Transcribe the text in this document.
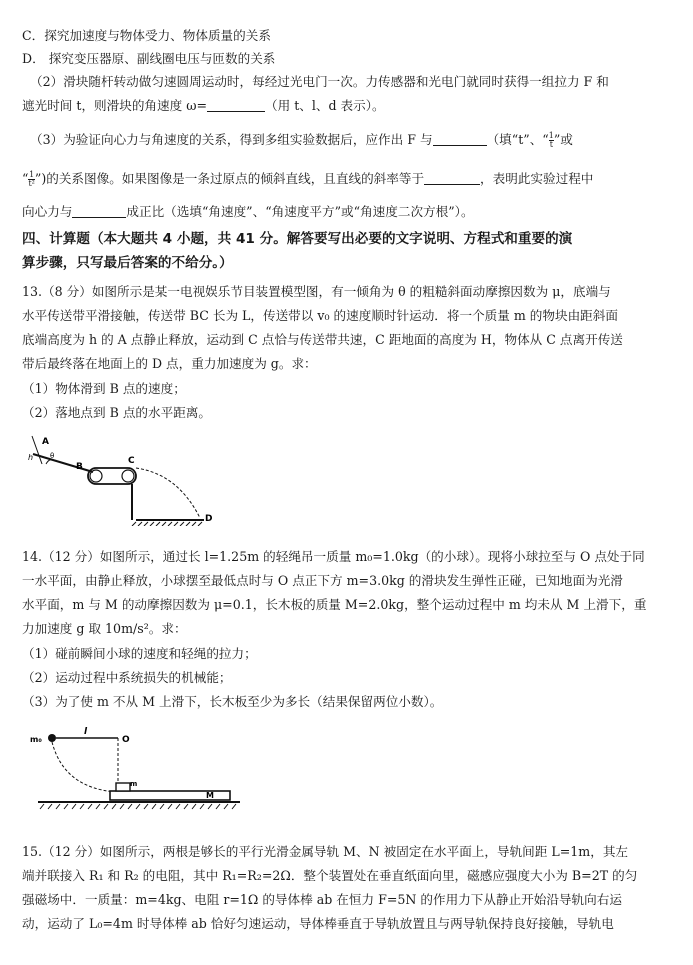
C．探究加速度与物体受力、物体质量的关系
D． 探究变压器原、副线圈电压与匝数的关系
（2）滑块随杆转动做匀速圆周运动时，每经过光电门一次。力传感器和光电门就同时获得一组拉力 F 和
遮光时间 t，则滑块的角速度 ω=	（用 t、l、d 表示）。
（3）为验证向心力与角速度的关系，得到多组实验数据后，应作出 F 与	（填“t”、“ $\frac{1}{t}$ ”或
“ $\frac{1}{\text{t²}}$ ”)的关系图像。如果图像是一条过原点的倾斜直线，且直线的斜率等于	，表明此实验过程中
向心力与	成正比（选填“角速度”、“角速度平方”或“角速度二次方根”）。
四、计算题（本大题共 4 小题，共 41 分。解答要写出必要的文字说明、方程式和重要的演
算步骤，只写最后答案的不给分。）
13.（8 分）如图所示是某一电视娱乐节目装置模型图，有一倾角为 θ 的粗糙斜面动摩擦因数为 μ，底端与
水平传送带平滑接触，传送带 BC 长为 L，传送带以 v₀ 的速度顺时针运动．将一个质量 m 的物块由距斜面
底端高度为 h 的 A 点静止释放，运动到 C 点恰与传送带共速，C 距地面的高度为 H，物体从 C 点离开传送
带后最终落在地面上的 D 点，重力加速度为 g。求：
（1）物体滑到 B 点的速度；
（2）落地点到 B 点的水平距离。
A
h θ
B
C
D
14.（12 分）如图所示，通过长 l=1.25m 的轻绳吊一质量 m₀=1.0kg（的小球）。现将小球拉至与 O 点处于同
一水平面，由静止释放，小球摆至最低点时与 O 点正下方 m=3.0kg 的滑块发生弹性正碰，已知地面为光滑
水平面，m 与 M 的动摩擦因数为 μ=0.1，长木板的质量 M=2.0kg，整个运动过程中 m 均未从 M 上滑下，重
力加速度 g 取 10m/s²。求：
（1）碰前瞬间小球的速度和轻绳的拉力；
（2）运动过程中系统损失的机械能；
（3）为了使 m 不从 M 上滑下，长木板至少为多长（结果保留两位小数）。
m₀
l
O
m
M
15.（12 分）如图所示，两根是够长的平行光滑金属导轨 M、N 被固定在水平面上，导轨间距 L=1m，其左
端并联接入 R₁ 和 R₂ 的电阻，其中 R₁=R₂=2Ω．整个装置处在垂直纸面向里，磁感应强度大小为 B=2T 的匀
强磁场中．一质量：m=4kg、电阻 r=1Ω 的导体棒 ab 在恒力 F=5N 的作用力下从静止开始沿导轨向右运
动，运动了 L₀=4m 时导体棒 ab 恰好匀速运动，导体棒垂直于导轨放置且与两导轨保持良好接触，导轨电
